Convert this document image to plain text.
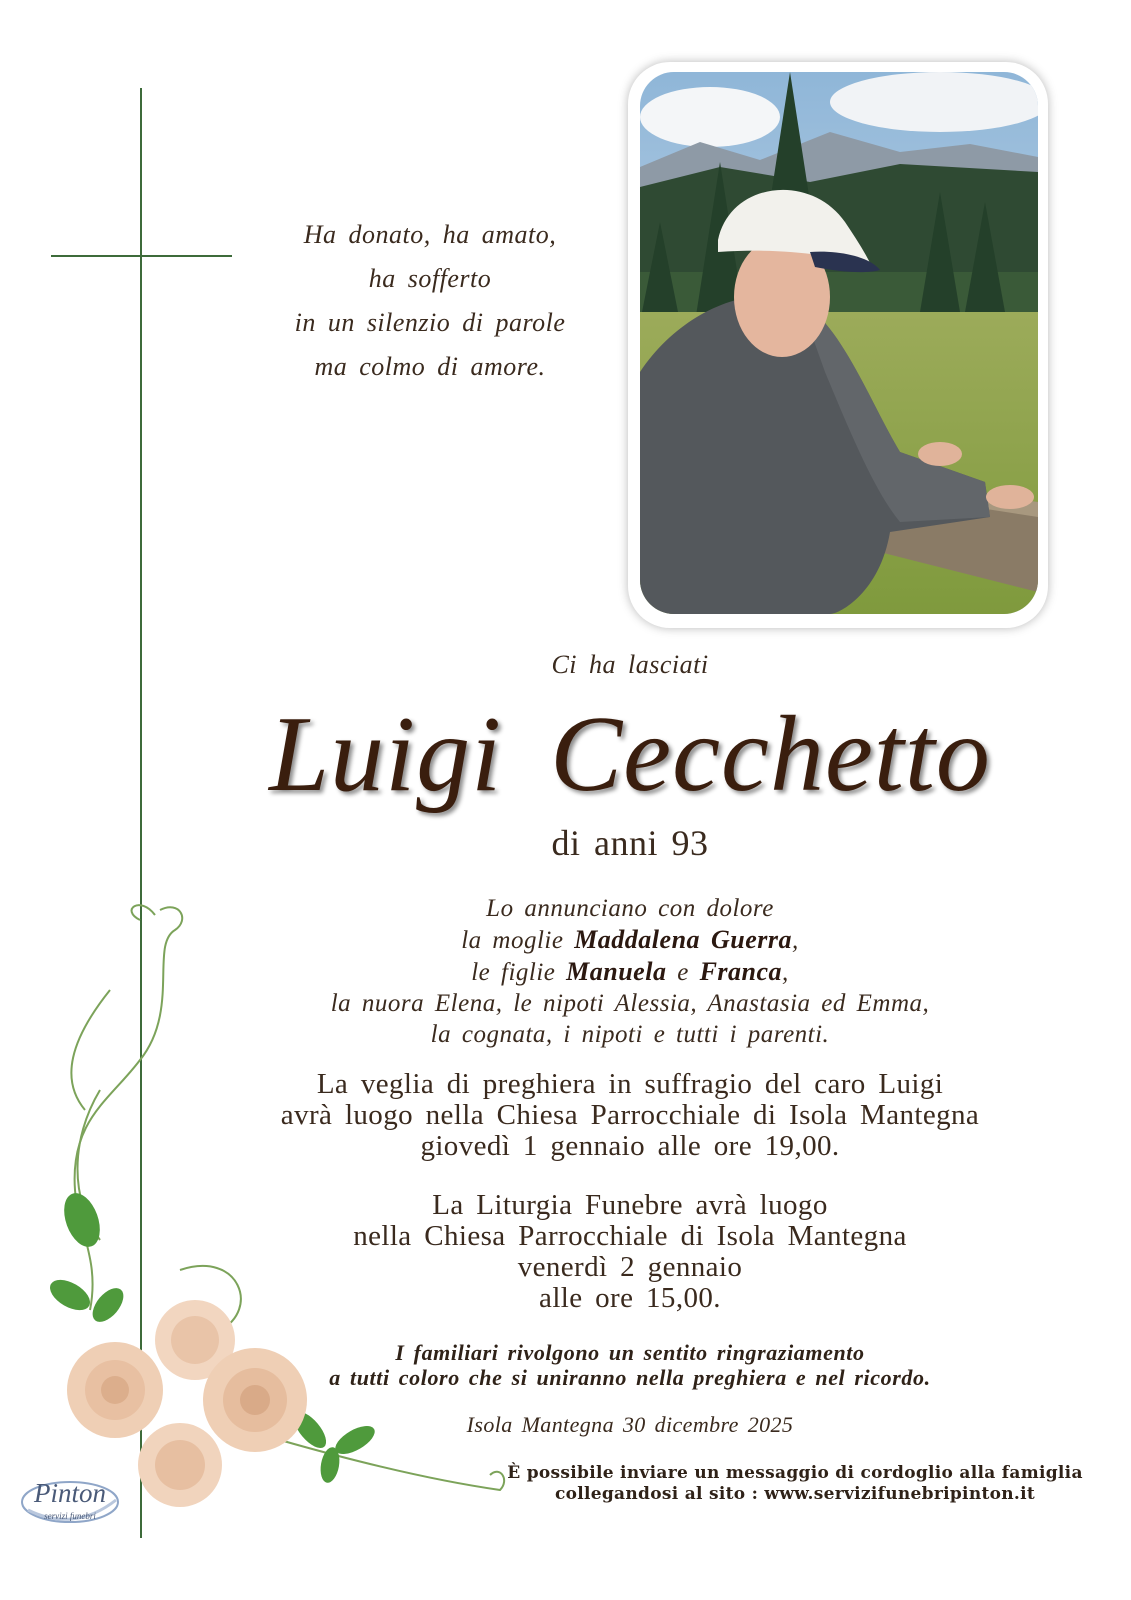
Ha donato, ha amato,
ha sofferto
in un silenzio di parole
ma colmo di amore.
Ci ha lasciati
Luigi Cecchetto
di anni 93
Lo annunciano con dolore
la moglie Maddalena Guerra,
le figlie Manuela e Franca,
la nuora Elena, le nipoti Alessia, Anastasia ed Emma,
la cognata, i nipoti e tutti i parenti.
La veglia di preghiera in suffragio del caro Luigi
avrà luogo nella Chiesa Parrocchiale di Isola Mantegna
giovedì 1 gennaio alle ore 19,00.
La Liturgia Funebre avrà luogo
nella Chiesa Parrocchiale di Isola Mantegna
venerdì 2 gennaio
alle ore 15,00.
I familiari rivolgono un sentito ringraziamento
a tutti coloro che si uniranno nella preghiera e nel ricordo.
Isola Mantegna 30 dicembre 2025
È possibile inviare un messaggio di cordoglio alla famiglia
collegandosi al sito : www.servizifunebripinton.it
Pinton
servizi funebri
